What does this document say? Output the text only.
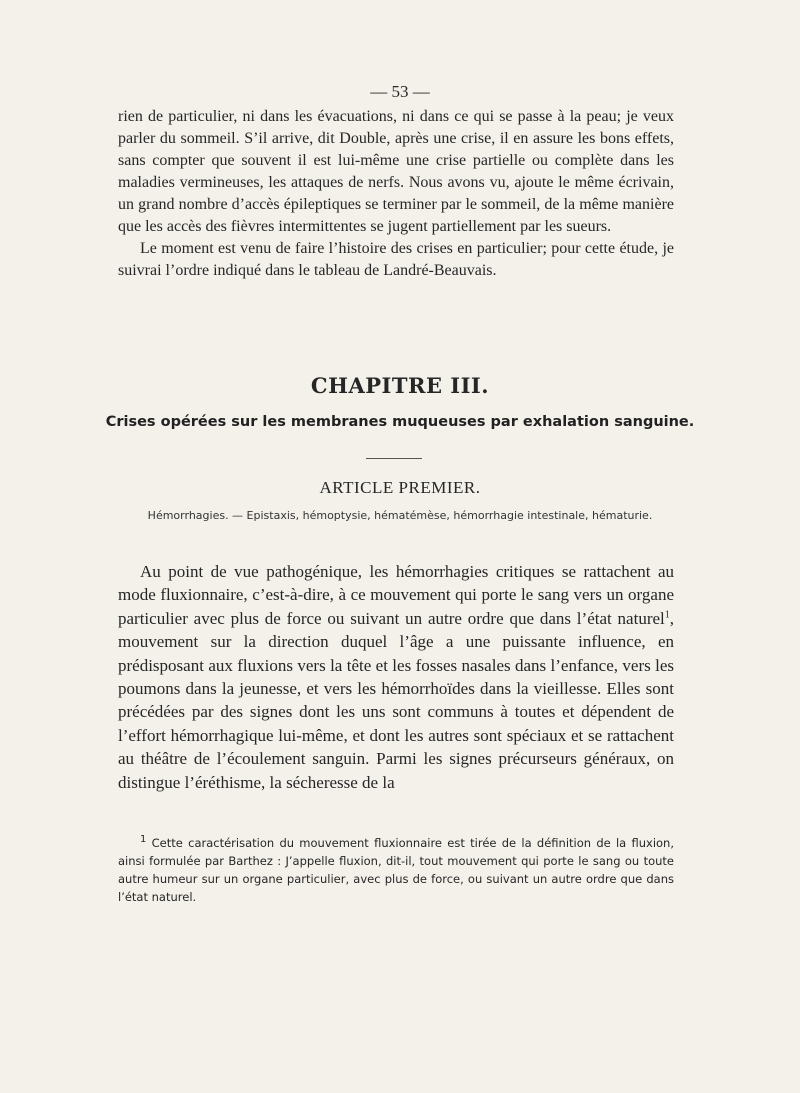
— 53 —

rien de particulier, ni dans les évacuations, ni dans ce qui se passe à la peau; je veux parler du sommeil. S’il arrive, dit Double, après une crise, il en assure les bons effets, sans compter que souvent il est lui-même une crise partielle ou complète dans les maladies vermineuses, les attaques de nerfs. Nous avons vu, ajoute le même écrivain, un grand nombre d’accès épileptiques se terminer par le sommeil, de la même manière que les accès des fièvres intermittentes se jugent partiellement par les sueurs.

Le moment est venu de faire l’histoire des crises en particulier; pour cette étude, je suivrai l’ordre indiqué dans le tableau de Landré-Beauvais.

CHAPITRE III.
Crises opérées sur les membranes muqueuses par exhalation sanguine.
ARTICLE PREMIER.
Hémorrhagies. — Epistaxis, hémoptysie, hématémèse, hémorrhagie intestinale, hématurie.

Au point de vue pathogénique, les hémorrhagies critiques se rattachent au mode fluxionnaire, c’est-à-dire, à ce mouvement qui porte le sang vers un organe particulier avec plus de force ou suivant un autre ordre que dans l’état naturel$^1$, mouvement sur la direction duquel l’âge a une puissante influence, en prédisposant aux fluxions vers la tête et les fosses nasales dans l’enfance, vers les poumons dans la jeunesse, et vers les hémorrhoïdes dans la vieillesse. Elles sont précédées par des signes dont les uns sont communs à toutes et dépendent de l’effort hémorrhagique lui-même, et dont les autres sont spéciaux et se rattachent au théâtre de l’écoulement sanguin. Parmi les signes précurseurs généraux, on distingue l’éréthisme, la sécheresse de la

$^1$ Cette caractérisation du mouvement fluxionnaire est tirée de la définition de la fluxion, ainsi formulée par Barthez : J’appelle fluxion, dit-il, tout mouvement qui porte le sang ou toute autre humeur sur un organe particulier, avec plus de force, ou suivant un autre ordre que dans l’état naturel.
